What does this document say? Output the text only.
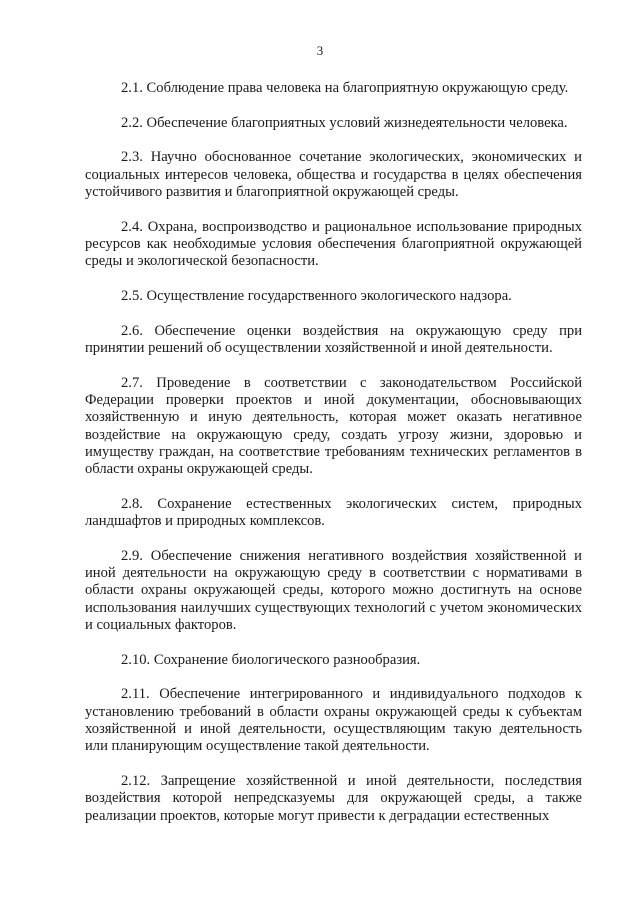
3

2.1. Соблюдение права человека на благоприятную окружающую среду.

2.2. Обеспечение благоприятных условий жизнедеятельности человека.

2.3. Научно обоснованное сочетание экологических, экономических и социальных интересов человека, общества и государства в целях обеспечения устойчивого развития и благоприятной окружающей среды.

2.4. Охрана, воспроизводство и рациональное использование природных ресурсов как необходимые условия обеспечения благоприятной окружающей среды и экологической безопасности.

2.5. Осуществление государственного экологического надзора.

2.6. Обеспечение оценки воздействия на окружающую среду при принятии решений об осуществлении хозяйственной и иной деятельности.

2.7. Проведение в соответствии с законодательством Российской Федерации проверки проектов и иной документации, обосновывающих хозяйственную и иную деятельность, которая может оказать негативное воздействие на окружающую среду, создать угрозу жизни, здоровью и имуществу граждан, на соответствие требованиям технических регламентов в области охраны окружающей среды.

2.8. Сохранение естественных экологических систем, природных ландшафтов и природных комплексов.

2.9. Обеспечение снижения негативного воздействия хозяйственной и иной деятельности на окружающую среду в соответствии с нормативами в области охраны окружающей среды, которого можно достигнуть на основе использования наилучших существующих технологий с учетом экономических и социальных факторов.

2.10. Сохранение биологического разнообразия.

2.11. Обеспечение интегрированного и индивидуального подходов к установлению требований в области охраны окружающей среды к субъектам хозяйственной и иной деятельности, осуществляющим такую деятельность или планирующим осуществление такой деятельности.

2.12. Запрещение хозяйственной и иной деятельности, последствия воздействия которой непредсказуемы для окружающей среды, а также реализации проектов, которые могут привести к деградации естественных
